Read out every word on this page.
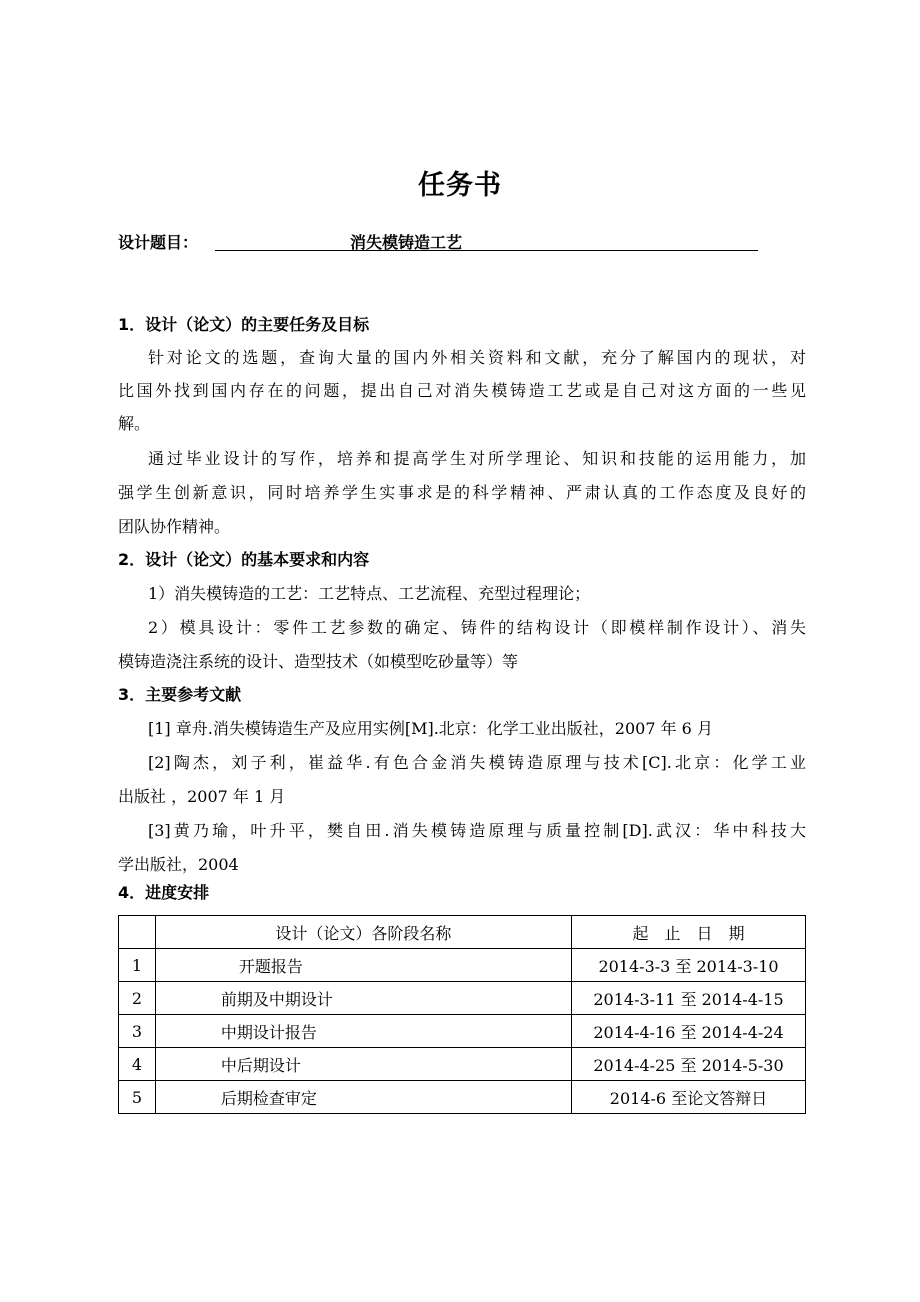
任务书
设计题目：	消失模铸造工艺
1．设计（论文）的主要任务及目标
针对论文的选题，查询大量的国内外相关资料和文献，充分了解国内的现状，对
比国外找到国内存在的问题，提出自己对消失模铸造工艺或是自己对这方面的一些见
解。
通过毕业设计的写作，培养和提高学生对所学理论、知识和技能的运用能力，加
强学生创新意识，同时培养学生实事求是的科学精神、严肃认真的工作态度及良好的
团队协作精神。
2．设计（论文）的基本要求和内容
1）消失模铸造的工艺：工艺特点、工艺流程、充型过程理论；
2）模具设计：零件工艺参数的确定、铸件的结构设计（即模样制作设计）、消失
模铸造浇注系统的设计、造型技术（如模型吃砂量等）等
3．主要参考文献
[1] 章舟.消失模铸造生产及应用实例[M].北京：化学工业出版社，2007 年 6 月
[2]陶杰，刘子利，崔益华.有色合金消失模铸造原理与技术[C].北京：化学工业
出版社 ，2007 年 1 月
[3]黄乃瑜，叶升平，樊自田.消失模铸造原理与质量控制[D].武汉：华中科技大
学出版社，2004
4．进度安排
	设计（论文）各阶段名称	起　止　日　期
1	开题报告	2014-3-3 至 2014-3-10
2	前期及中期设计	2014-3-11 至 2014-4-15
3	中期设计报告	2014-4-16 至 2014-4-24
4	中后期设计	2014-4-25 至 2014-5-30
5	后期检查审定	2014-6 至论文答辩日
